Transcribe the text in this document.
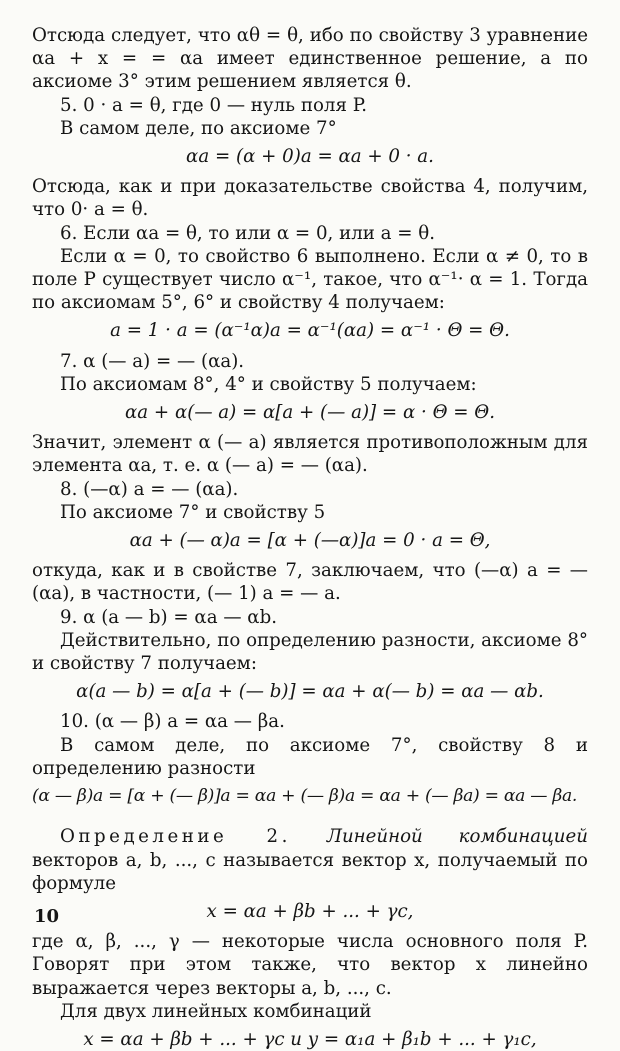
Отсюда следует, что αθ = θ, ибо по свойству 3 уравнение αa + x = = αa имеет единственное решение, а по аксиоме 3° этим решением является θ.

5. 0 · a = θ, где 0 — нуль поля P.

В самом деле, по аксиоме 7°

αa = (α + 0)a = αa + 0 · a.

Отсюда, как и при доказательстве свойства 4, получим, что 0· a = θ.

6. Если αa = θ, то или α = 0, или a = θ.

Если α = 0, то свойство 6 выполнено. Если α ≠ 0, то в поле P существует число α⁻¹, такое, что α⁻¹· α = 1. Тогда по аксиомам 5°, 6° и свойству 4 получаем:

a = 1 · a = (α⁻¹α)a = α⁻¹(αa) = α⁻¹ · Θ = Θ.

7. α (— a) = — (αa).

По аксиомам 8°, 4° и свойству 5 получаем:

αa + α(— a) = α[a + (— a)] = α · Θ = Θ.

Значит, элемент α (— a) является противоположным для элемента αa, т. е. α (— a) = — (αa).

8. (—α) a = — (αa).

По аксиоме 7° и свойству 5

αa + (— α)a = [α + (—α)]a = 0 · a = Θ,

откуда, как и в свойстве 7, заключаем, что (—α) a = — (αa), в частности, (— 1) a = — a.

9. α (a — b) = αa — αb.

Действительно, по определению разности, аксиоме 8° и свойству 7 получаем:

α(a — b) = α[a + (— b)] = αa + α(— b) = αa — αb.

10. (α — β) a = αa — βa.

В самом деле, по аксиоме 7°, свойству 8 и определению разности

(α — β)a = [α + (— β)]a = αa + (— β)a = αa + (— βa) = αa — βa.

Определение 2. Линейной комбинацией векторов a, b, ..., c называется вектор x, получаемый по формуле

x = αa + βb + ... + γc,

где α, β, ..., γ — некоторые числа основного поля P. Говорят при этом также, что вектор x линейно выражается через векторы a, b, ..., c.

Для двух линейных комбинаций

x = αa + βb + ... + γc и y = α₁a + β₁b + ... + γ₁c,
10
